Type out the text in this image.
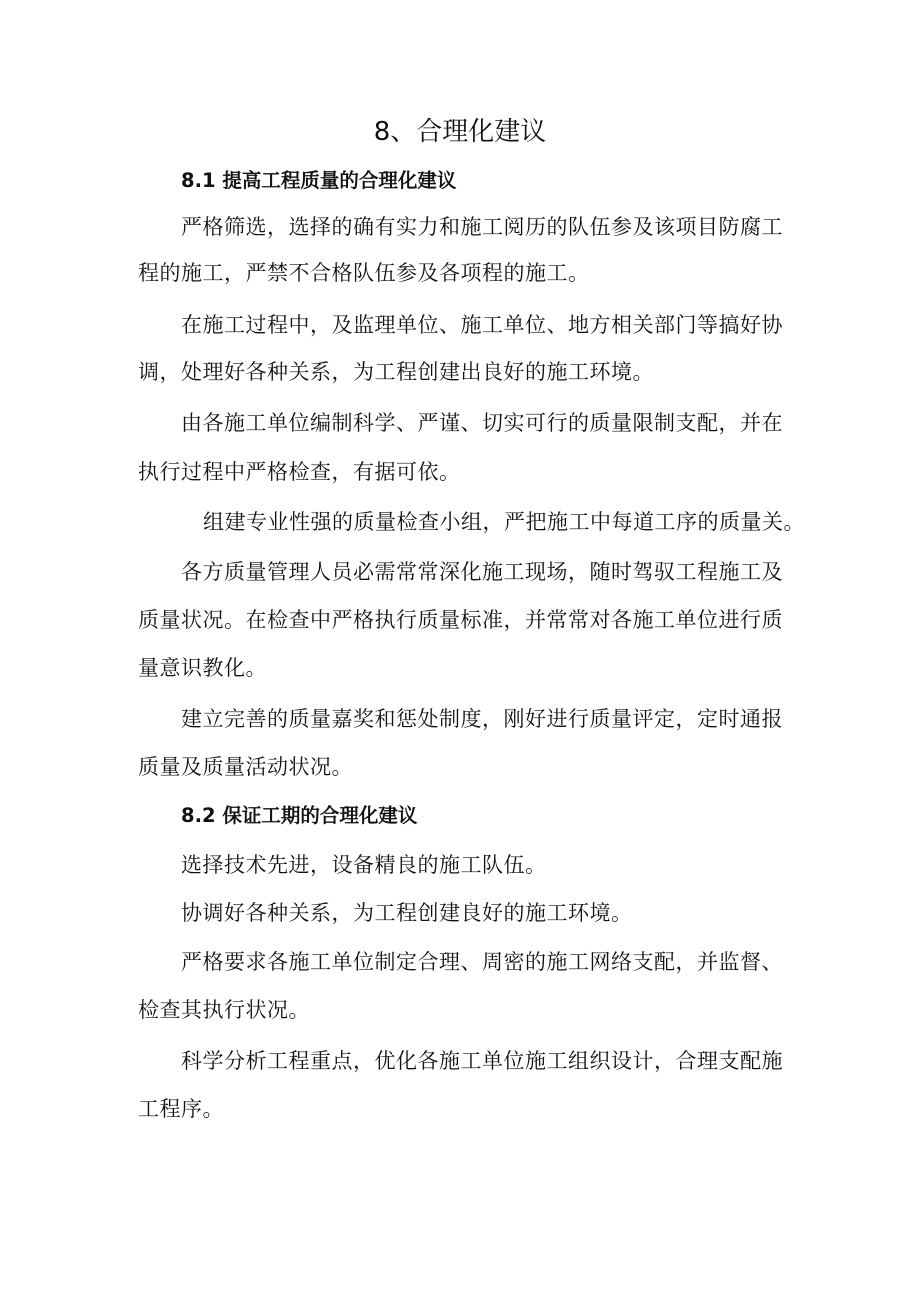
8、合理化建议
8.1 提高工程质量的合理化建议
严格筛选，选择的确有实力和施工阅历的队伍参及该项目防腐工
程的施工，严禁不合格队伍参及各项程的施工。
在施工过程中，及监理单位、施工单位、地方相关部门等搞好协
调，处理好各种关系，为工程创建出良好的施工环境。
由各施工单位编制科学、严谨、切实可行的质量限制支配，并在
执行过程中严格检查，有据可依。
组建专业性强的质量检查小组，严把施工中每道工序的质量关。
各方质量管理人员必需常常深化施工现场，随时驾驭工程施工及
质量状况。在检查中严格执行质量标准，并常常对各施工单位进行质
量意识教化。
建立完善的质量嘉奖和惩处制度，刚好进行质量评定，定时通报
质量及质量活动状况。
8.2 保证工期的合理化建议
选择技术先进，设备精良的施工队伍。
协调好各种关系，为工程创建良好的施工环境。
严格要求各施工单位制定合理、周密的施工网络支配，并监督、
检查其执行状况。
科学分析工程重点，优化各施工单位施工组织设计，合理支配施
工程序。
